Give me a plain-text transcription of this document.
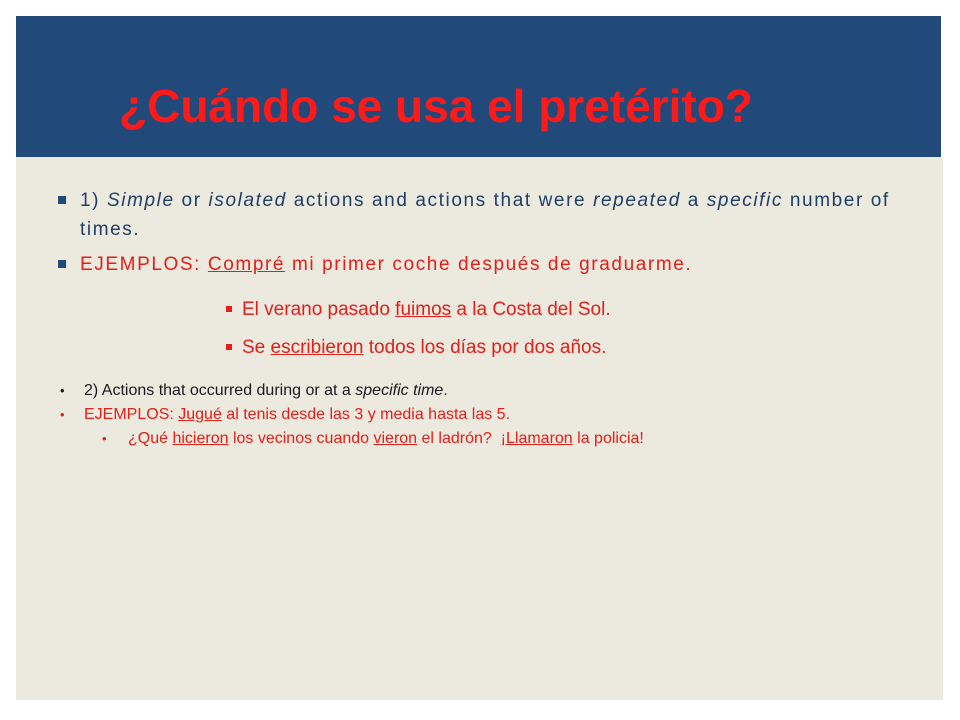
¿Cuándo se usa el pretérito?
1) Simple or isolated actions and actions that were repeated a specific number of times.
EJEMPLOS: Compré mi primer coche después de graduarme.
El verano pasado fuimos a la Costa del Sol.
Se escribieron todos los días por dos años.
• 2) Actions that occurred during or at a specific time.
• EJEMPLOS: Jugué al tenis desde las 3 y media hasta las 5.
• ¿Qué hicieron los vecinos cuando vieron el ladrón?  ¡Llamaron la policia!
